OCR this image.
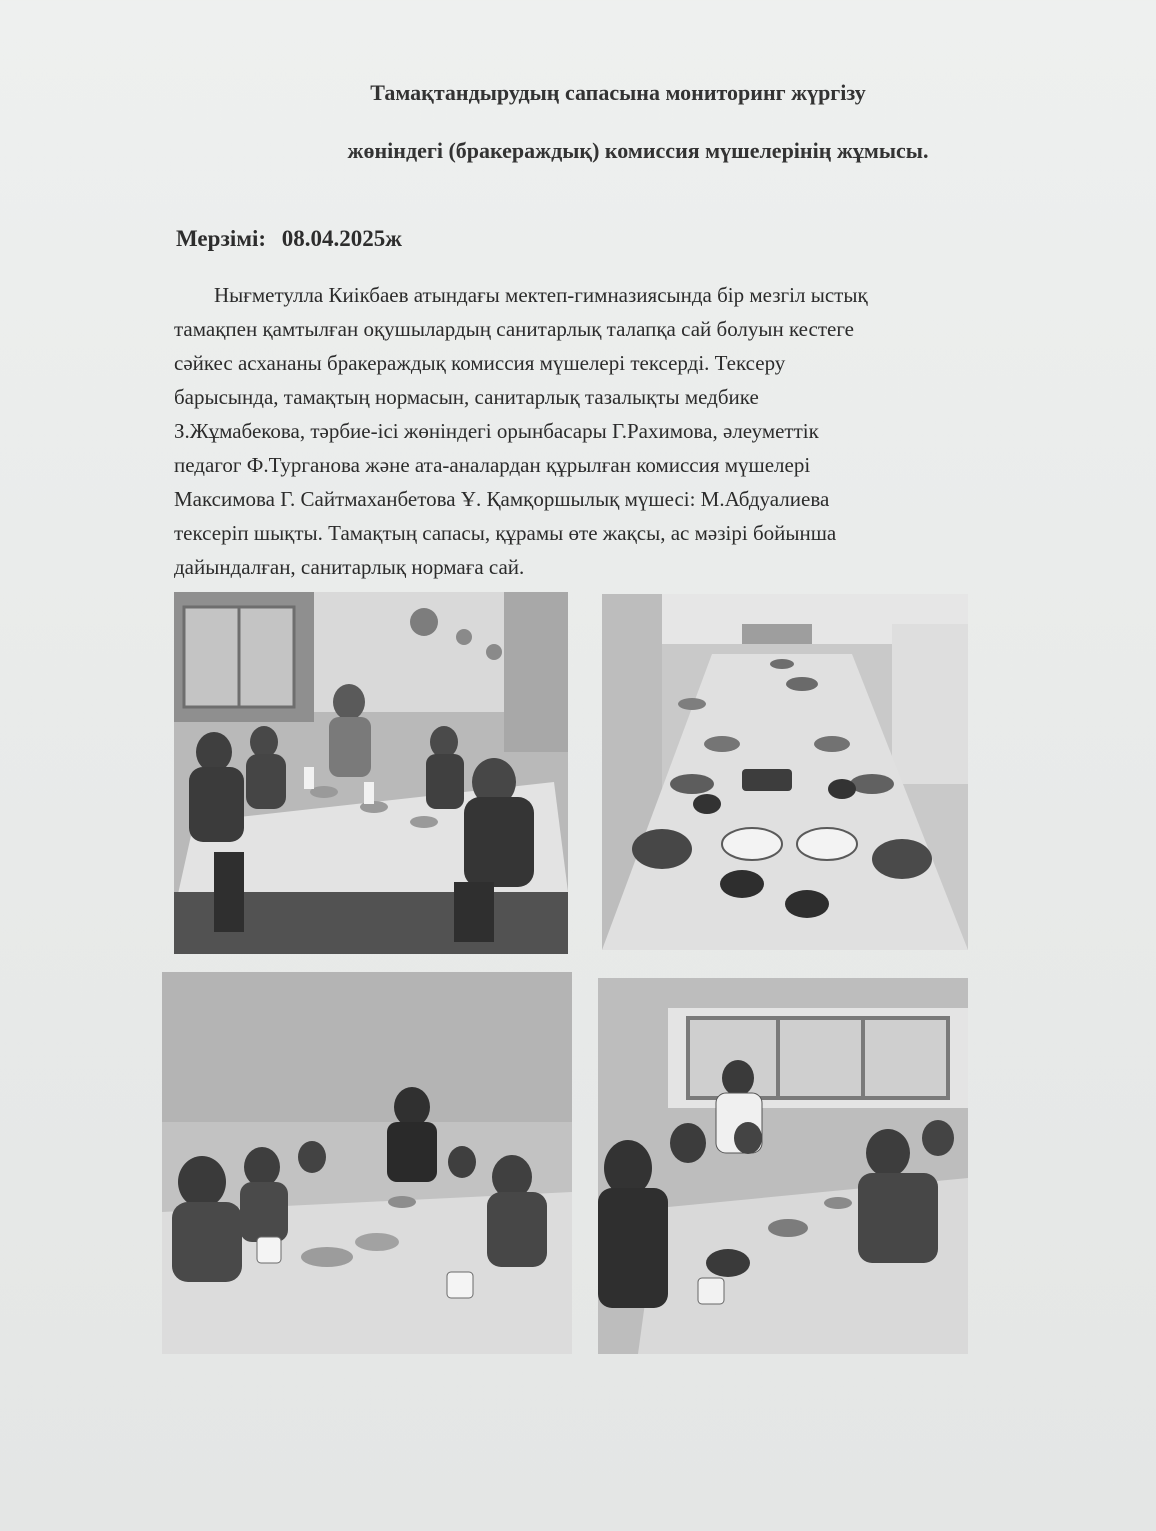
Тамақтандырудың сапасына мониторинг жүргізу
жөніндегі (бракераждық) комиссия мүшелерінің жұмысы.
Мерзімі: 08.04.2025ж
Нығметулла Киікбаев атындағы мектеп-гимназиясында бір мезгіл ыстық
тамақпен қамтылған оқушылардың санитарлық талапқа сай болуын кестеге
сәйкес асхананы бракераждық комиссия мүшелері тексерді. Тексеру
барысында, тамақтың нормасын, санитарлық тазалықты медбике
З.Жұмабекова, тәрбие-ісі жөніндегі орынбасары Г.Рахимова, әлеуметтік
педагог Ф.Турганова және ата-аналардан құрылған комиссия мүшелері
Максимова Г. Сайтмаханбетова Ұ. Қамқоршылық мүшесі: М.Абдуалиева
тексеріп шықты. Тамақтың сапасы, құрамы өте жақсы, ас мәзірі бойынша
дайындалған, санитарлық нормаға сай.
